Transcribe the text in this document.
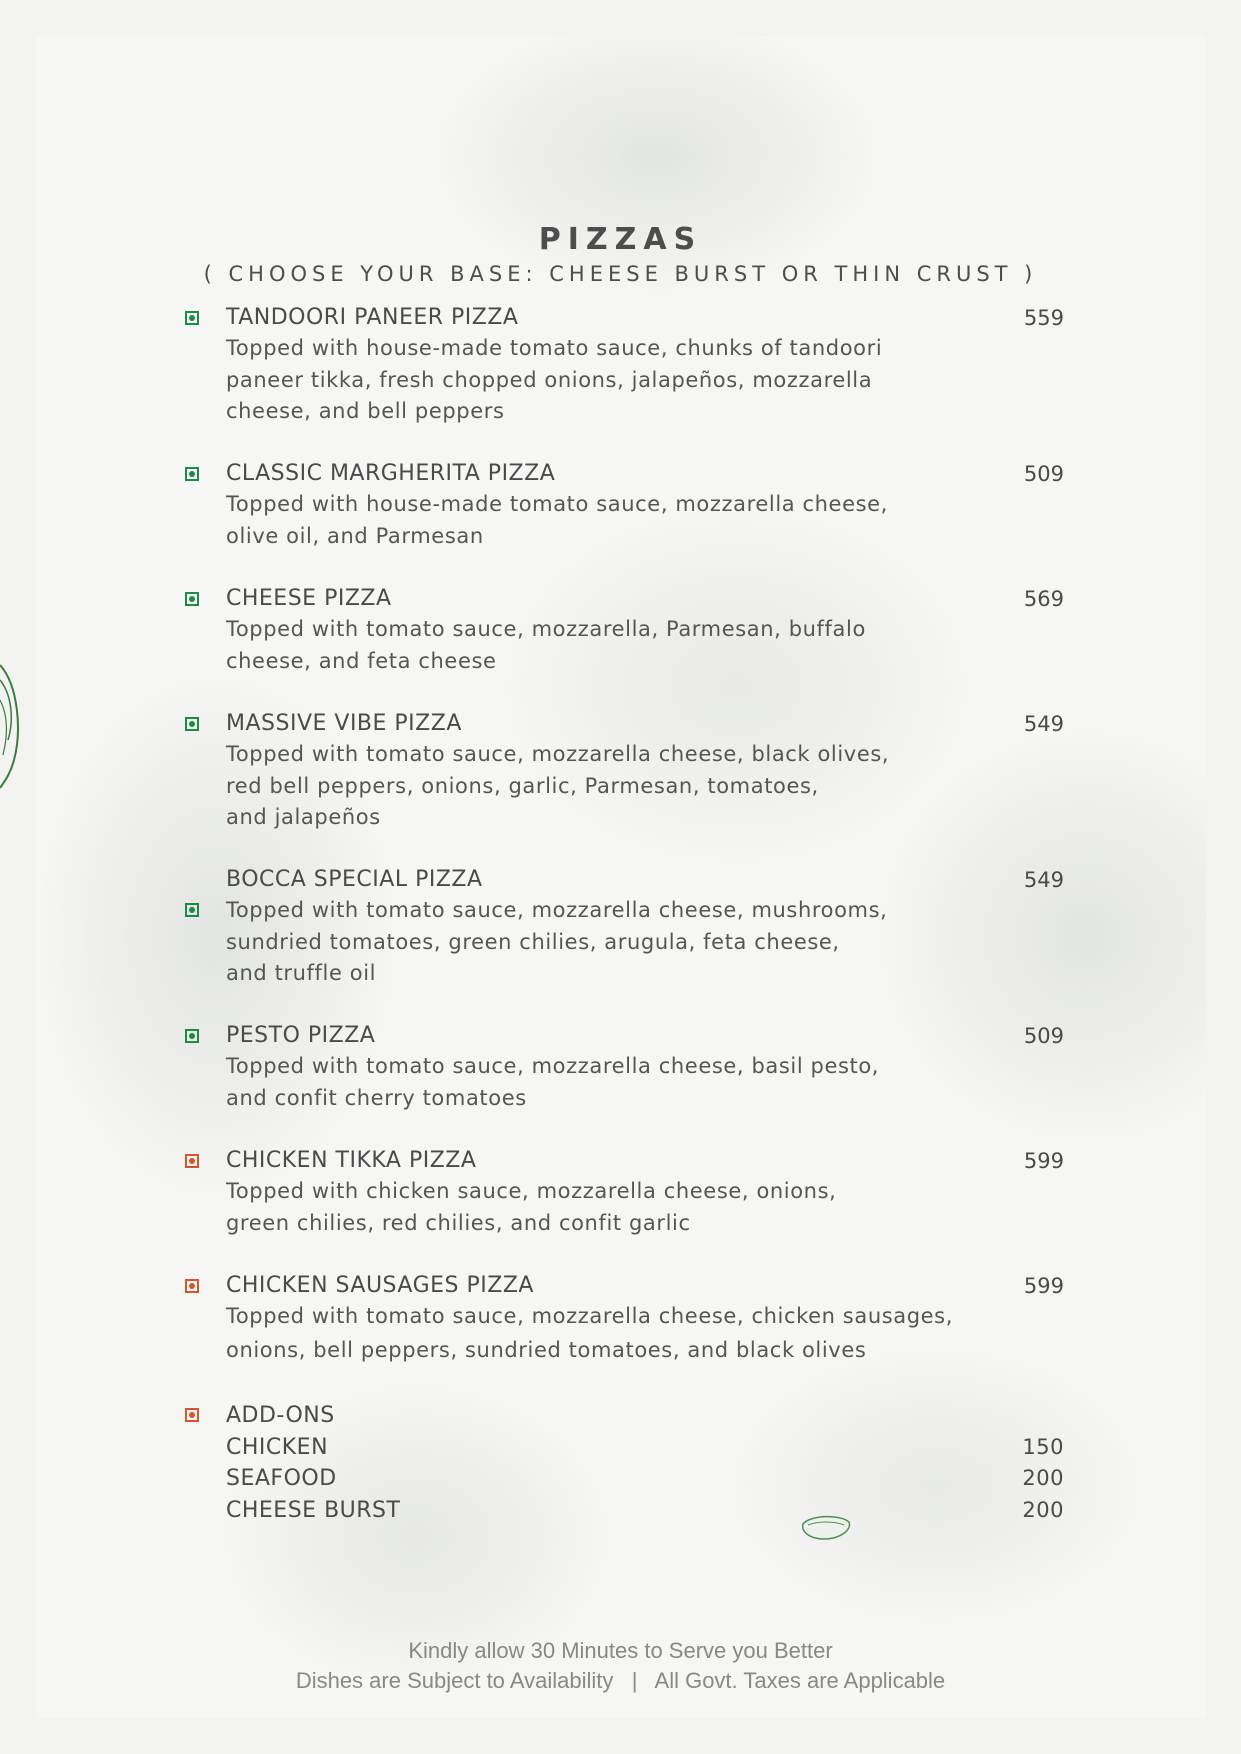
PIZZAS
( CHOOSE YOUR BASE: CHEESE BURST OR THIN CRUST )
TANDOORI PANEER PIZZA	559
Topped with house-made tomato sauce, chunks of tandoori
paneer tikka, fresh chopped onions, jalapeños, mozzarella
cheese, and bell peppers
CLASSIC MARGHERITA PIZZA	509
Topped with house-made tomato sauce, mozzarella cheese,
olive oil, and Parmesan
CHEESE PIZZA	569
Topped with tomato sauce, mozzarella, Parmesan, buffalo
cheese, and feta cheese
MASSIVE VIBE PIZZA	549
Topped with tomato sauce, mozzarella cheese, black olives,
red bell peppers, onions, garlic, Parmesan, tomatoes,
and jalapeños
BOCCA SPECIAL PIZZA	549
Topped with tomato sauce, mozzarella cheese, mushrooms,
sundried tomatoes, green chilies, arugula, feta cheese,
and truffle oil
PESTO PIZZA	509
Topped with tomato sauce, mozzarella cheese, basil pesto,
and confit cherry tomatoes
CHICKEN TIKKA PIZZA	599
Topped with chicken sauce, mozzarella cheese, onions,
green chilies, red chilies, and confit garlic
CHICKEN SAUSAGES PIZZA	599
Topped with tomato sauce, mozzarella cheese, chicken sausages,
onions, bell peppers, sundried tomatoes, and black olives
ADD-ONS
CHICKEN	150
SEAFOOD	200
CHEESE BURST	200
Kindly allow 30 Minutes to Serve you Better
Dishes are Subject to Availability   |   All Govt. Taxes are Applicable
